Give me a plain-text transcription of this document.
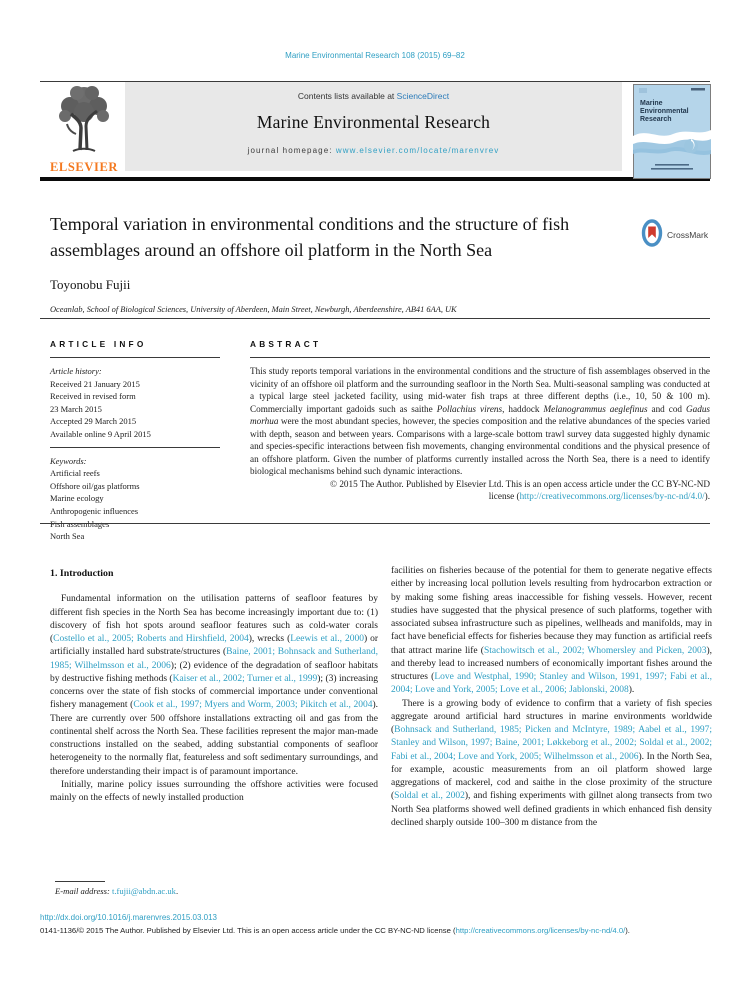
Marine Environmental Research 108 (2015) 69–82
ELSEVIER
Contents lists available at ScienceDirect
Marine Environmental Research
journal homepage: www.elsevier.com/locate/marenvrev
Marine
Environmental
Research
Temporal variation in environmental conditions and the structure of fish assemblages around an offshore oil platform in the North Sea
CrossMark
Toyonobu Fujii
Oceanlab, School of Biological Sciences, University of Aberdeen, Main Street, Newburgh, Aberdeenshire, AB41 6AA, UK
ARTICLE INFO	ABSTRACT
Article history:
Received 21 January 2015
Received in revised form
23 March 2015
Accepted 29 March 2015
Available online 9 April 2015
Keywords:
Artificial reefs
Offshore oil/gas platforms
Marine ecology
Anthropogenic influences
North Sea
This study reports temporal variations in the environmental conditions and the structure of fish assemblages observed in the vicinity of an offshore oil platform and the surrounding seafloor in the North Sea. Multi-seasonal sampling was conducted at a typical large steel jacketed facility, using mid-water fish traps at three different depths (i.e., 10, 50 & 100 m). Commercially important gadoids such as saithe Pollachius virens, haddock Melanogrammus aeglefinus and cod Gadus morhua were the most abundant species, however, the species composition and the relative abundances of the species varied with depth, season and between years. Comparisons with a large-scale bottom trawl survey data suggested highly dynamic and species-specific interactions between fish movements, changing environmental conditions and the physical presence of an offshore platform. Given the number of platforms currently installed across the North Sea, there is a need to identify biological mechanisms behind such dynamic interactions.
© 2015 The Author. Published by Elsevier Ltd. This is an open access article under the CC BY-NC-ND
license (http://creativecommons.org/licenses/by-nc-nd/4.0/).
1. Introduction

Fundamental information on the utilisation patterns of seafloor features by different fish species in the North Sea has become increasingly important due to: (1) discovery of fish hot spots around seafloor features such as cold-water corals (Costello et al., 2005; Roberts and Hirshfield, 2004), wrecks (Leewis et al., 2000) or artificially installed hard substrate/structures (Baine, 2001; Bohnsack and Sutherland, 1985; Wilhelmsson et al., 2006); (2) evidence of the degradation of seafloor habitats by destructive fishing methods (Kaiser et al., 2002; Turner et al., 1999); (3) increasing concerns over the state of fish stocks of commercial importance under conventional fishery management (Cook et al., 1997; Myers and Worm, 2003; Pikitch et al., 2004). There are currently over 500 offshore installations extracting oil and gas from the continental shelf across the North Sea. These facilities represent the major man-made constructions installed on the seabed, adding substantial components of seafloor heterogeneity to the normally flat, featureless and soft sedimentary surroundings, and therefore understanding their impact is of paramount importance.

Initially, marine policy issues surrounding the offshore activities were focused mainly on the effects of newly installed production

facilities on fisheries because of the potential for them to generate negative effects either by increasing local pollution levels resulting from hydrocarbon extraction or by making some fishing areas inaccessible for fishing vessels. However, recent studies have suggested that the physical presence of such platforms, together with associated subsea infrastructure such as pipelines, wellheads and manifolds, may in fact have beneficial effects for fisheries because they may function as artificial reefs that attract marine life (Stachowitsch et al., 2002; Whomersley and Picken, 2003), and thereby lead to increased numbers of economically important fishes around the structures (Love and Westphal, 1990; Stanley and Wilson, 1991, 1997; Fabi et al., 2004; Love and York, 2005; Love et al., 2006; Jablonski, 2008).

There is a growing body of evidence to confirm that a variety of fish species aggregate around artificial hard structures in marine environments worldwide (Bohnsack and Sutherland, 1985; Picken and McIntyre, 1989; Aabel et al., 1997; Stanley and Wilson, 1997; Baine, 2001; Løkkeborg et al., 2002; Soldal et al., 2002; Fabi et al., 2004; Love and York, 2005; Wilhelmsson et al., 2006). In the North Sea, for example, acoustic measurements from an oil platform showed large aggregations of mackerel, cod and saithe in the close proximity of the structure (Soldal et al., 2002), and fishing experiments with gillnet along transects from two North Sea platforms showed well defined gradients in which enhanced fish density declined sharply outside 100–300 m distance from the

E-mail address: t.fujii@abdn.ac.uk.
http://dx.doi.org/10.1016/j.marenvres.2015.03.013
0141-1136/© 2015 The Author. Published by Elsevier Ltd. This is an open access article under the CC BY-NC-ND license (http://creativecommons.org/licenses/by-nc-nd/4.0/).
